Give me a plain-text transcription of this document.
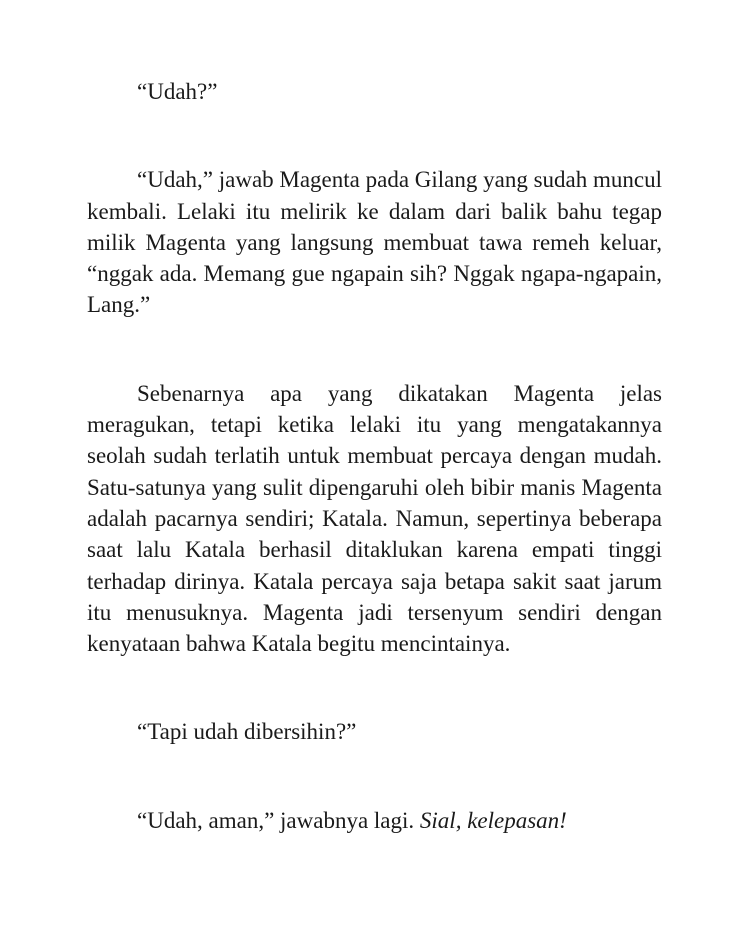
“Udah?”

“Udah,” jawab Magenta pada Gilang yang sudah muncul kembali. Lelaki itu melirik ke dalam dari balik bahu tegap milik Magenta yang langsung membuat tawa remeh keluar, “nggak ada. Memang gue ngapain sih? Nggak ngapa-ngapain, Lang.”

Sebenarnya apa yang dikatakan Magenta jelas meragukan, tetapi ketika lelaki itu yang mengatakannya seolah sudah terlatih untuk membuat percaya dengan mudah. Satu-satunya yang sulit dipengaruhi oleh bibir manis Magenta adalah pacarnya sendiri; Katala. Namun, sepertinya beberapa saat lalu Katala berhasil ditaklukan karena empati tinggi terhadap dirinya. Katala percaya saja betapa sakit saat jarum itu menusuknya. Magenta jadi tersenyum sendiri dengan kenyataan bahwa Katala begitu mencintainya.

“Tapi udah dibersihin?”

“Udah, aman,” jawabnya lagi. Sial, kelepasan!
